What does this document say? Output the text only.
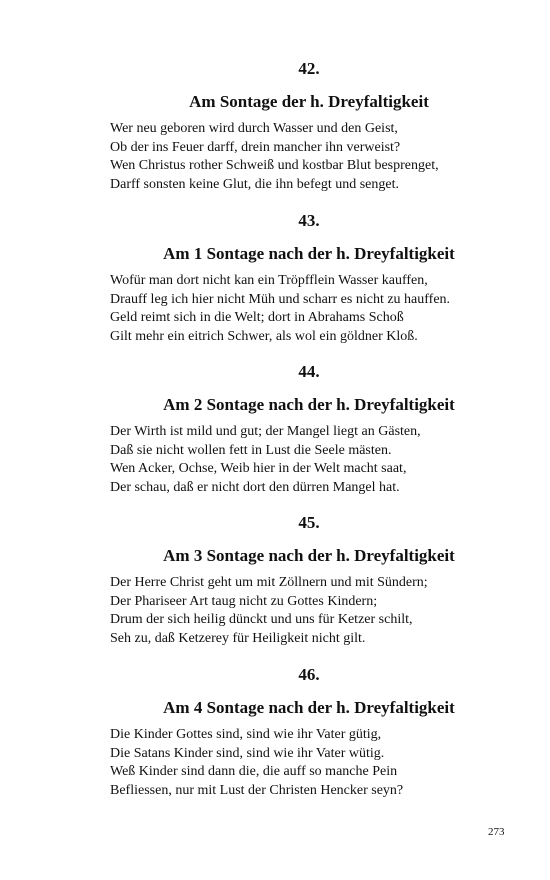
42.
Am Sontage der h. Dreyfaltigkeit
Wer neu geboren wird durch Wasser und den Geist,
Ob der ins Feuer darff, drein mancher ihn verweist?
Wen Christus rother Schweiß und kostbar Blut besprenget,
Darff sonsten keine Glut, die ihn befegt und senget.
43.
Am 1 Sontage nach der h. Dreyfaltigkeit
Wofür man dort nicht kan ein Tröpfflein Wasser kauffen,
Drauff leg ich hier nicht Müh und scharr es nicht zu hauffen.
Geld reimt sich in die Welt; dort in Abrahams Schoß
Gilt mehr ein eitrich Schwer, als wol ein göldner Kloß.
44.
Am 2 Sontage nach der h. Dreyfaltigkeit
Der Wirth ist mild und gut; der Mangel liegt an Gästen,
Daß sie nicht wollen fett in Lust die Seele mästen.
Wen Acker, Ochse, Weib hier in der Welt macht saat,
Der schau, daß er nicht dort den dürren Mangel hat.
45.
Am 3 Sontage nach der h. Dreyfaltigkeit
Der Herre Christ geht um mit Zöllnern und mit Sündern;
Der Phariseer Art taug nicht zu Gottes Kindern;
Drum der sich heilig dünckt und uns für Ketzer schilt,
Seh zu, daß Ketzerey für Heiligkeit nicht gilt.
46.
Am 4 Sontage nach der h. Dreyfaltigkeit
Die Kinder Gottes sind, sind wie ihr Vater gütig,
Die Satans Kinder sind, sind wie ihr Vater wütig.
Weß Kinder sind dann die, die auff so manche Pein
Befliessen, nur mit Lust der Christen Hencker seyn?
273
